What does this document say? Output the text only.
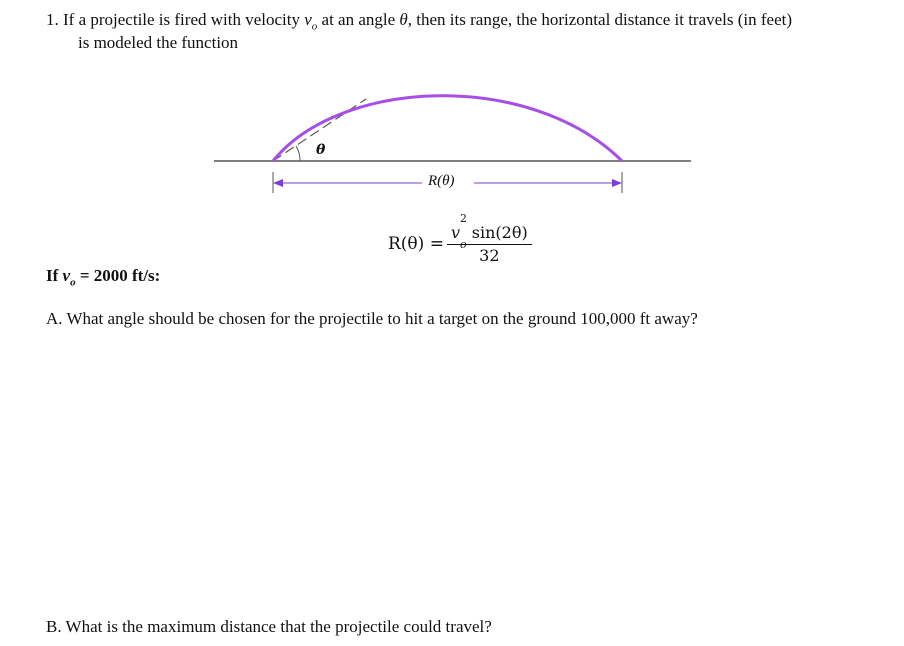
1. If a projectile is fired with velocity $v_o$ at an angle θ, then its range, the horizontal distance it travels (in feet)
is modeled the function
θ
R(θ)
R(θ) = v
2
$_o$ sin(2θ)
32
If $v_o = 2000$ ft/s:
A. What angle should be chosen for the projectile to hit a target on the ground 100,000 ft away?
B. What is the maximum distance that the projectile could travel?
